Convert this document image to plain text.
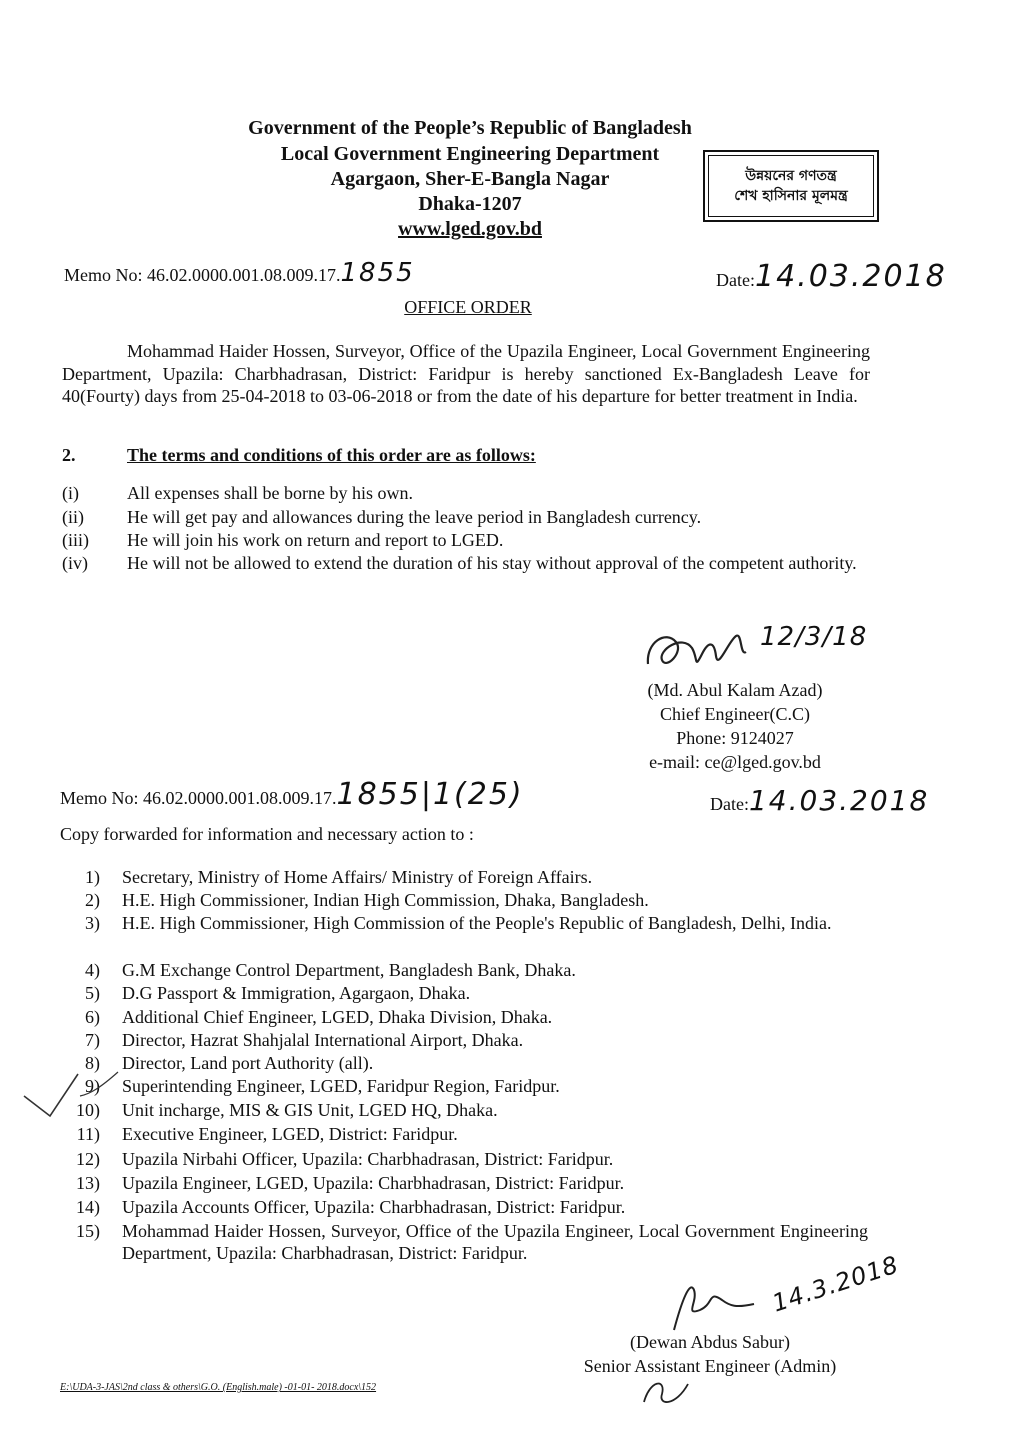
Government of the People’s Republic of Bangladesh
Local Government Engineering Department
Agargaon, Sher-E-Bangla Nagar
Dhaka-1207
www.lged.gov.bd
উন্নয়নের গণতন্ত্র
শেখ হাসিনার মূলমন্ত্র
Memo No: 46.02.0000.001.08.009.17.1855	Date:14.03.2018
OFFICE ORDER
Mohammad Haider Hossen, Surveyor, Office of the Upazila Engineer, Local Government Engineering Department, Upazila: Charbhadrasan, District: Faridpur is hereby sanctioned Ex-Bangladesh Leave for 40(Fourty) days from 25-04-2018 to 03-06-2018 or from the date of his departure for better treatment in India.
2.	The terms and conditions of this order are as follows:
(i)	All expenses shall be borne by his own.
(ii) He will get pay and allowances during the leave period in Bangladesh currency.
(iii) He will join his work on return and report to LGED.
(iv) He will not be allowed to extend the duration of his stay without approval of the competent authority.
12/3/18
(Md. Abul Kalam Azad)
Chief Engineer(C.C)
Phone: 9124027
e-mail: ce@lged.gov.bd
Memo No: 46.02.0000.001.08.009.17.1855|1(25)	Date:14.03.2018
Copy forwarded for information and necessary action to :
1) Secretary, Ministry of Home Affairs/ Ministry of Foreign Affairs.
2) H.E. High Commissioner, Indian High Commission, Dhaka, Bangladesh.
3) H.E. High Commissioner, High Commission of the People's Republic of Bangladesh, Delhi, India.
4) G.M Exchange Control Department, Bangladesh Bank, Dhaka.
5) D.G Passport & Immigration, Agargaon, Dhaka.
6) Additional Chief Engineer, LGED, Dhaka Division, Dhaka.
7) Director, Hazrat Shahjalal International Airport, Dhaka.
8) Director, Land port Authority (all).
9) Superintending Engineer, LGED, Faridpur Region, Faridpur.
10) Unit incharge, MIS & GIS Unit, LGED HQ, Dhaka.
11) Executive Engineer, LGED, District: Faridpur.
12) Upazila Nirbahi Officer, Upazila: Charbhadrasan, District: Faridpur.
13) Upazila Engineer, LGED, Upazila: Charbhadrasan, District: Faridpur.
14) Upazila Accounts Officer, Upazila: Charbhadrasan, District: Faridpur.
15) Mohammad Haider Hossen, Surveyor, Office of the Upazila Engineer, Local Government Engineering Department, Upazila: Charbhadrasan, District: Faridpur.	14.3.2018
(Dewan Abdus Sabur)
Senior Assistant Engineer (Admin)
E:\UDA-3-JAS\2nd class & others\G.O. (English.male) -01-01- 2018.docx\152
